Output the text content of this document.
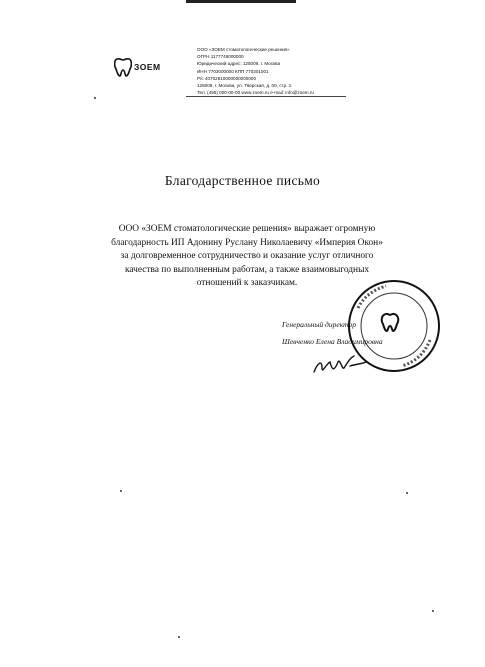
ЗОЕМ
ООО «ЗОЕМ стоматологические решения»
ОГРН 1177746000000
Юридический адрес: 125009, г. Москва
ИНН 7703000000 КПП 770301001
Р/с 40702810000000000000
125009, г. Москва, ул. Тверская, д. 00, стр. 1
Тел. (495) 000-00-00 www.zoem.ru e-mail: info@zoem.ru
Благодарственное письмо
ООО «ЗОЕМ стоматологические решения» выражает огромную
благодарность ИП Адонину Руслану Николаевичу «Империя Окон»
за долговременное сотрудничество и оказание услуг отличного
качества по выполненным работам, а также взаимовыгодных
отношений к заказчикам.
Генеральный директор
Шевченко Елена Владимировна
